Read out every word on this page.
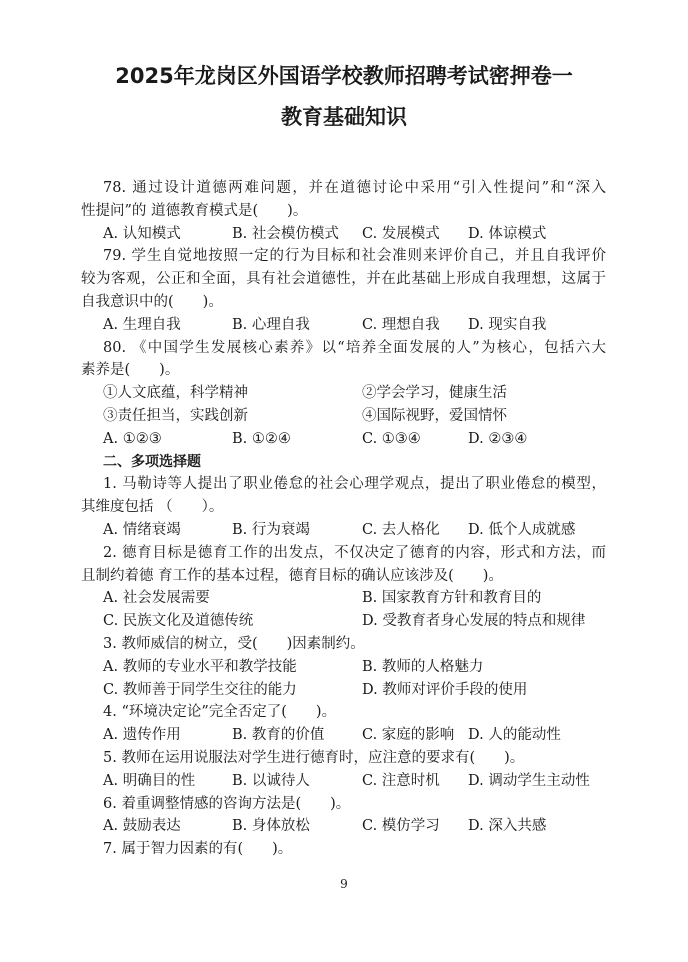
2025年龙岗区外国语学校教师招聘考试密押卷一
教育基础知识
78. 通过设计道德两难问题，并在道德讨论中采用“引入性提问”和“深入
性提问”的 道德教育模式是(　　)。
A. 认知模式	B. 社会模仿模式 C. 发展模式 D. 体谅模式
79. 学生自觉地按照一定的行为目标和社会准则来评价自己，并且自我评价
较为客观，公正和全面，具有社会道德性，并在此基础上形成自我理想，这属于
自我意识中的(　　)。
A. 生理自我	B. 心理自我	C. 理想自我 D. 现实自我
80. 《中国学生发展核心素养》以“培养全面发展的人”为核心，包括六大
素养是(　　)。
①人文底蕴，科学精神	②学会学习，健康生活
③责任担当，实践创新	④国际视野，爱国情怀
A. ①②③	B. ①②④	C. ①③④	D. ②③④
二、多项选择题
1. 马勒诗等人提出了职业倦怠的社会心理学观点，提出了职业倦怠的模型，
其维度包括 （　　）。
A. 情绪衰竭	B. 行为衰竭	C. 去人格化 D. 低个人成就感
2. 德育目标是德育工作的出发点，不仅决定了德育的内容，形式和方法，而
且制约着德 育工作的基本过程，德育目标的确认应该涉及(　　)。
A. 社会发展需要	B. 国家教育方针和教育目的
C. 民族文化及道德传统	D. 受教育者身心发展的特点和规律
3. 教师威信的树立，受(　　)因素制约。
A. 教师的专业水平和教学技能	B. 教师的人格魅力
C. 教师善于同学生交往的能力	D. 教师对评价手段的使用
4. “环境决定论”完全否定了(　　)。
A. 遗传作用	B. 教育的价值	C. 家庭的影响 D. 人的能动性
5. 教师在运用说服法对学生进行德育时，应注意的要求有(　　)。
A. 明确目的性	B. 以诚待人	C. 注意时机 D. 调动学生主动性
6. 着重调整情感的咨询方法是(　　)。
A. 鼓励表达	B. 身体放松	C. 模仿学习 D. 深入共感
7. 属于智力因素的有(　　)。
9
